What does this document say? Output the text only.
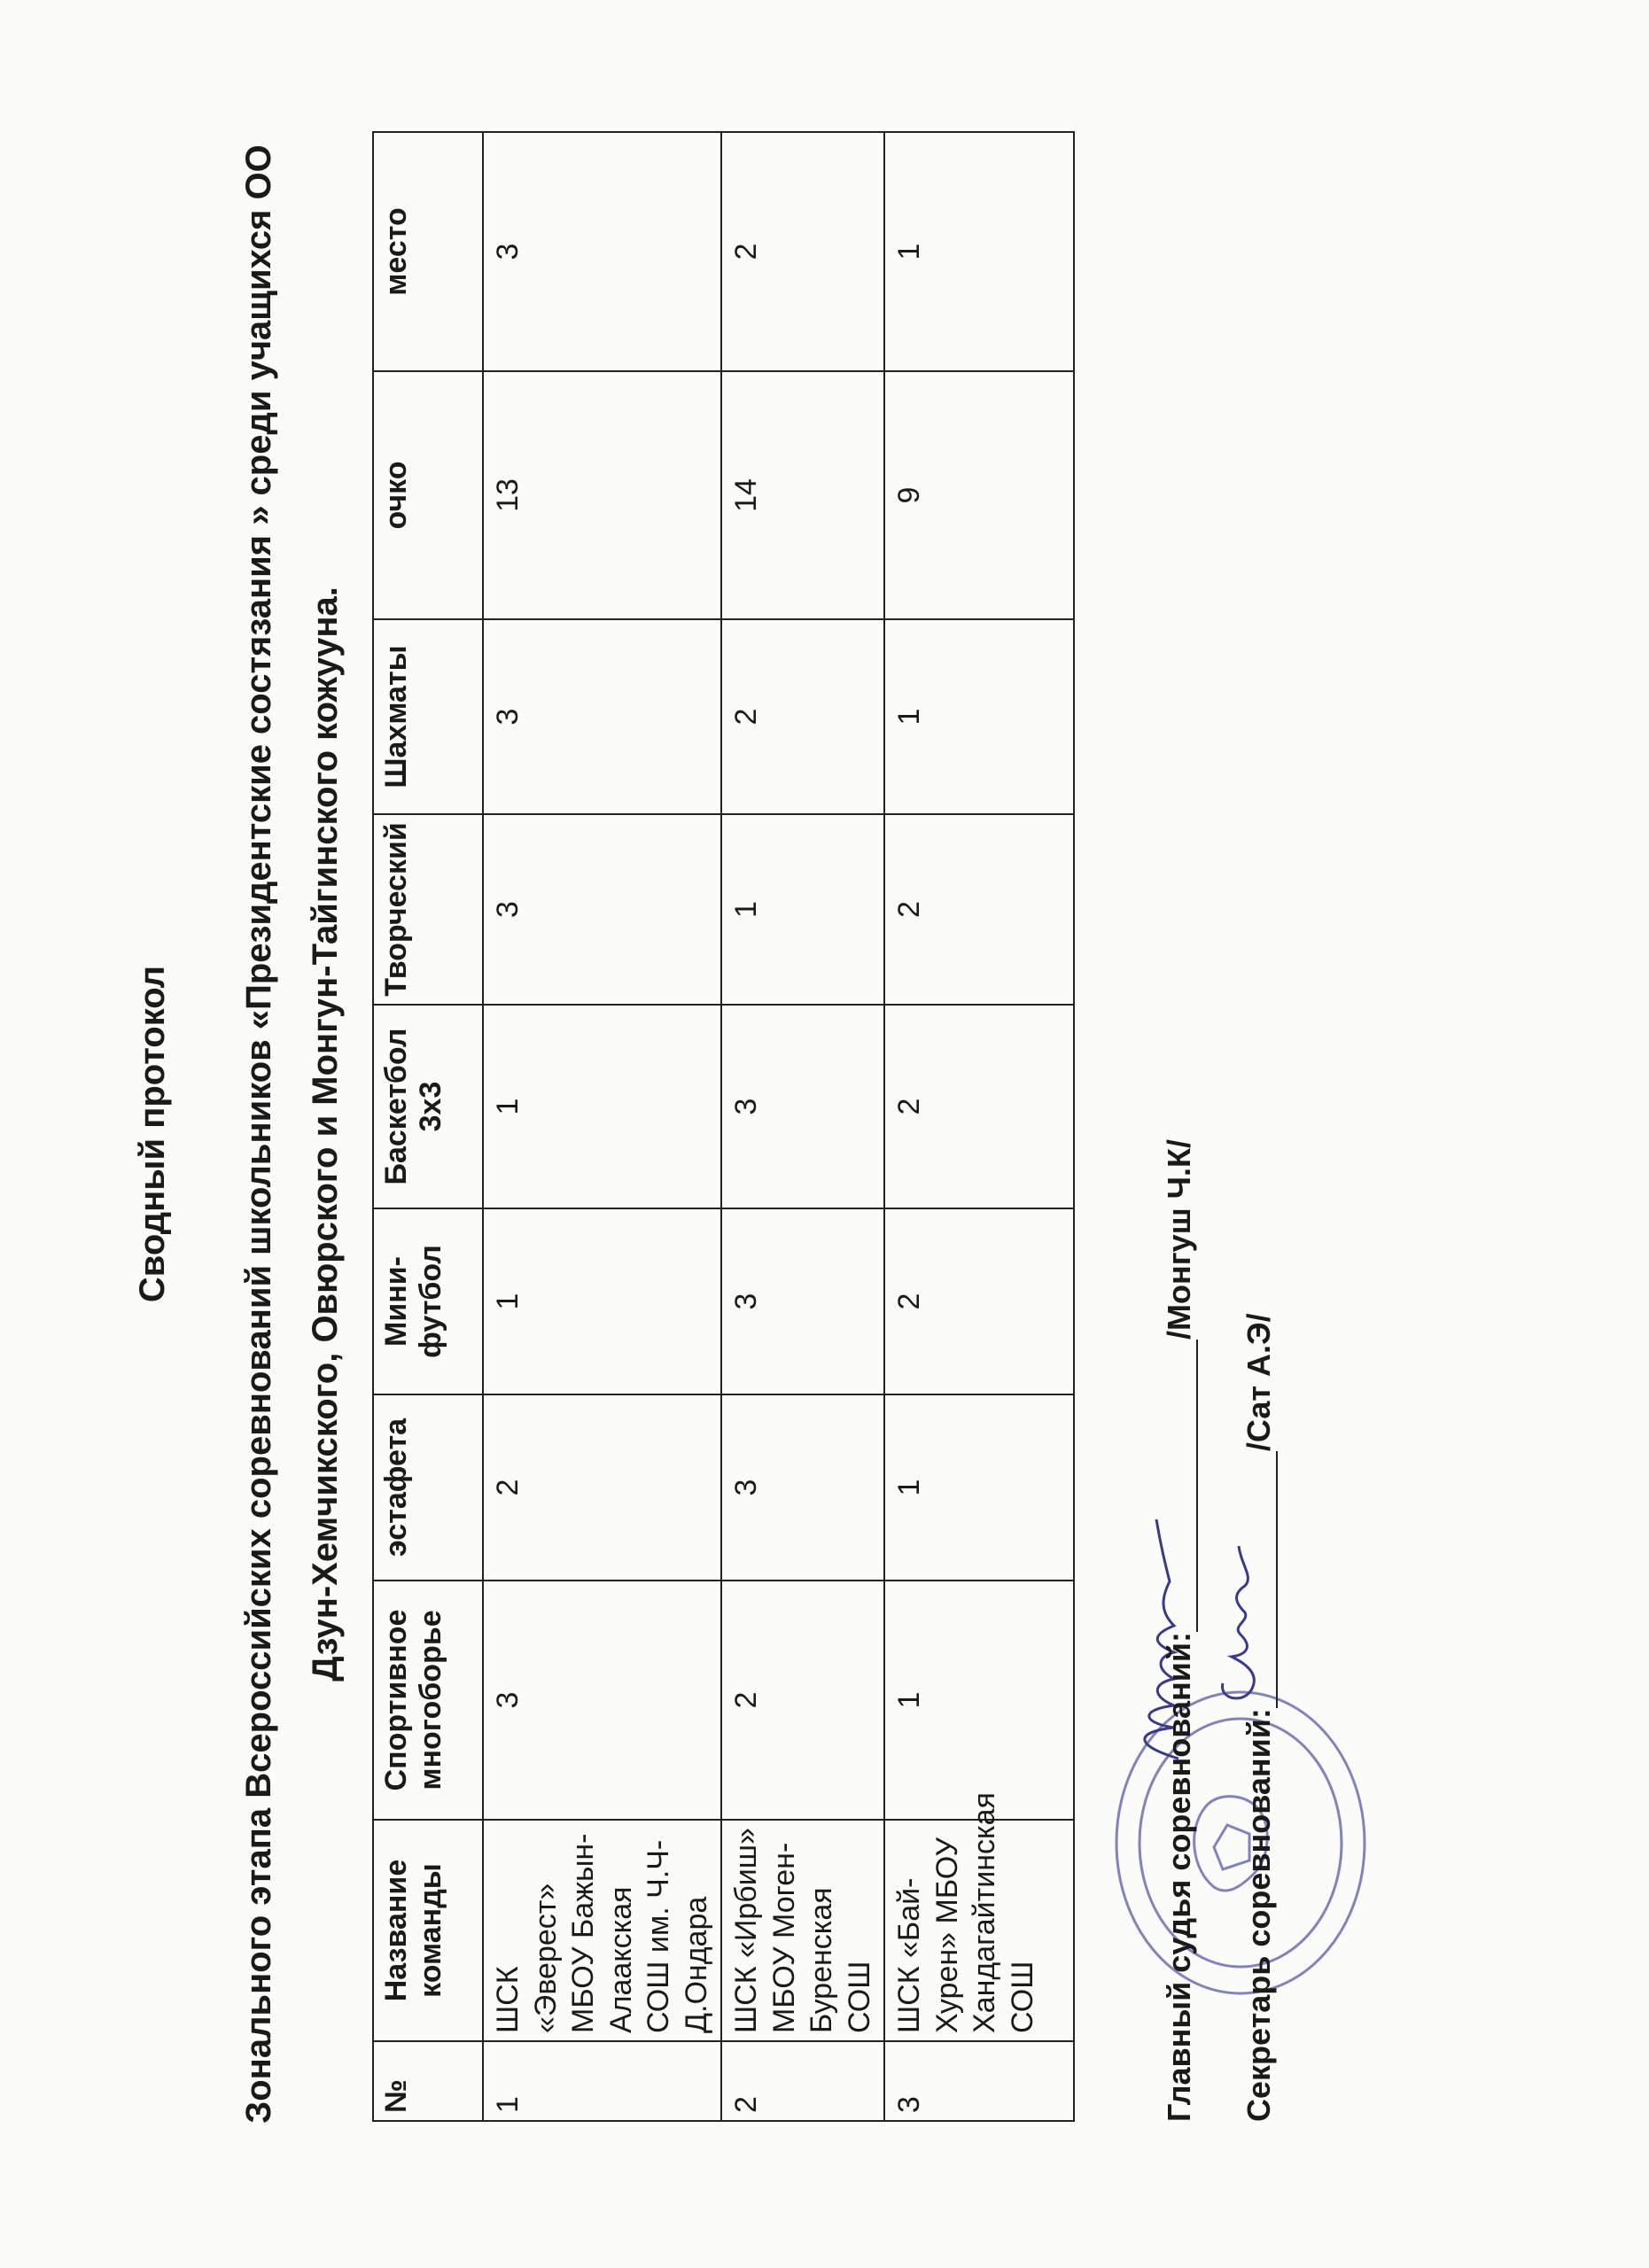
Сводный протокол Зонального этапа Всероссийских соревнований школьников «Президентские состязания » среди учащихся ОО Дзун-Хемчикского, Овюрского и Монгун-Тайгинского кожууна.
№	Название команды	Спортивное многоборье	эстафета	Мини-футбол	Баскетбол 3х3	Творческий	Шахматы	очко	место
1	ШСК «Эверест» МБОУ Бажын-Алаакская СОШ им. Ч.Ч-Д.Ондара	3	2	1	1	3	3	13	3
2	ШСК «Ирбиш» МБОУ Моген-Буренская СОШ	2	3	3	3	1	2	14	2
3	ШСК «Бай-Хурен» МБОУ Хандагайтинская СОШ	1	1	2	2	2	1	9	1
Главный судья соревнований:/Монгуш Ч.К/
Секретарь соревнований:/Сат А.Э/
